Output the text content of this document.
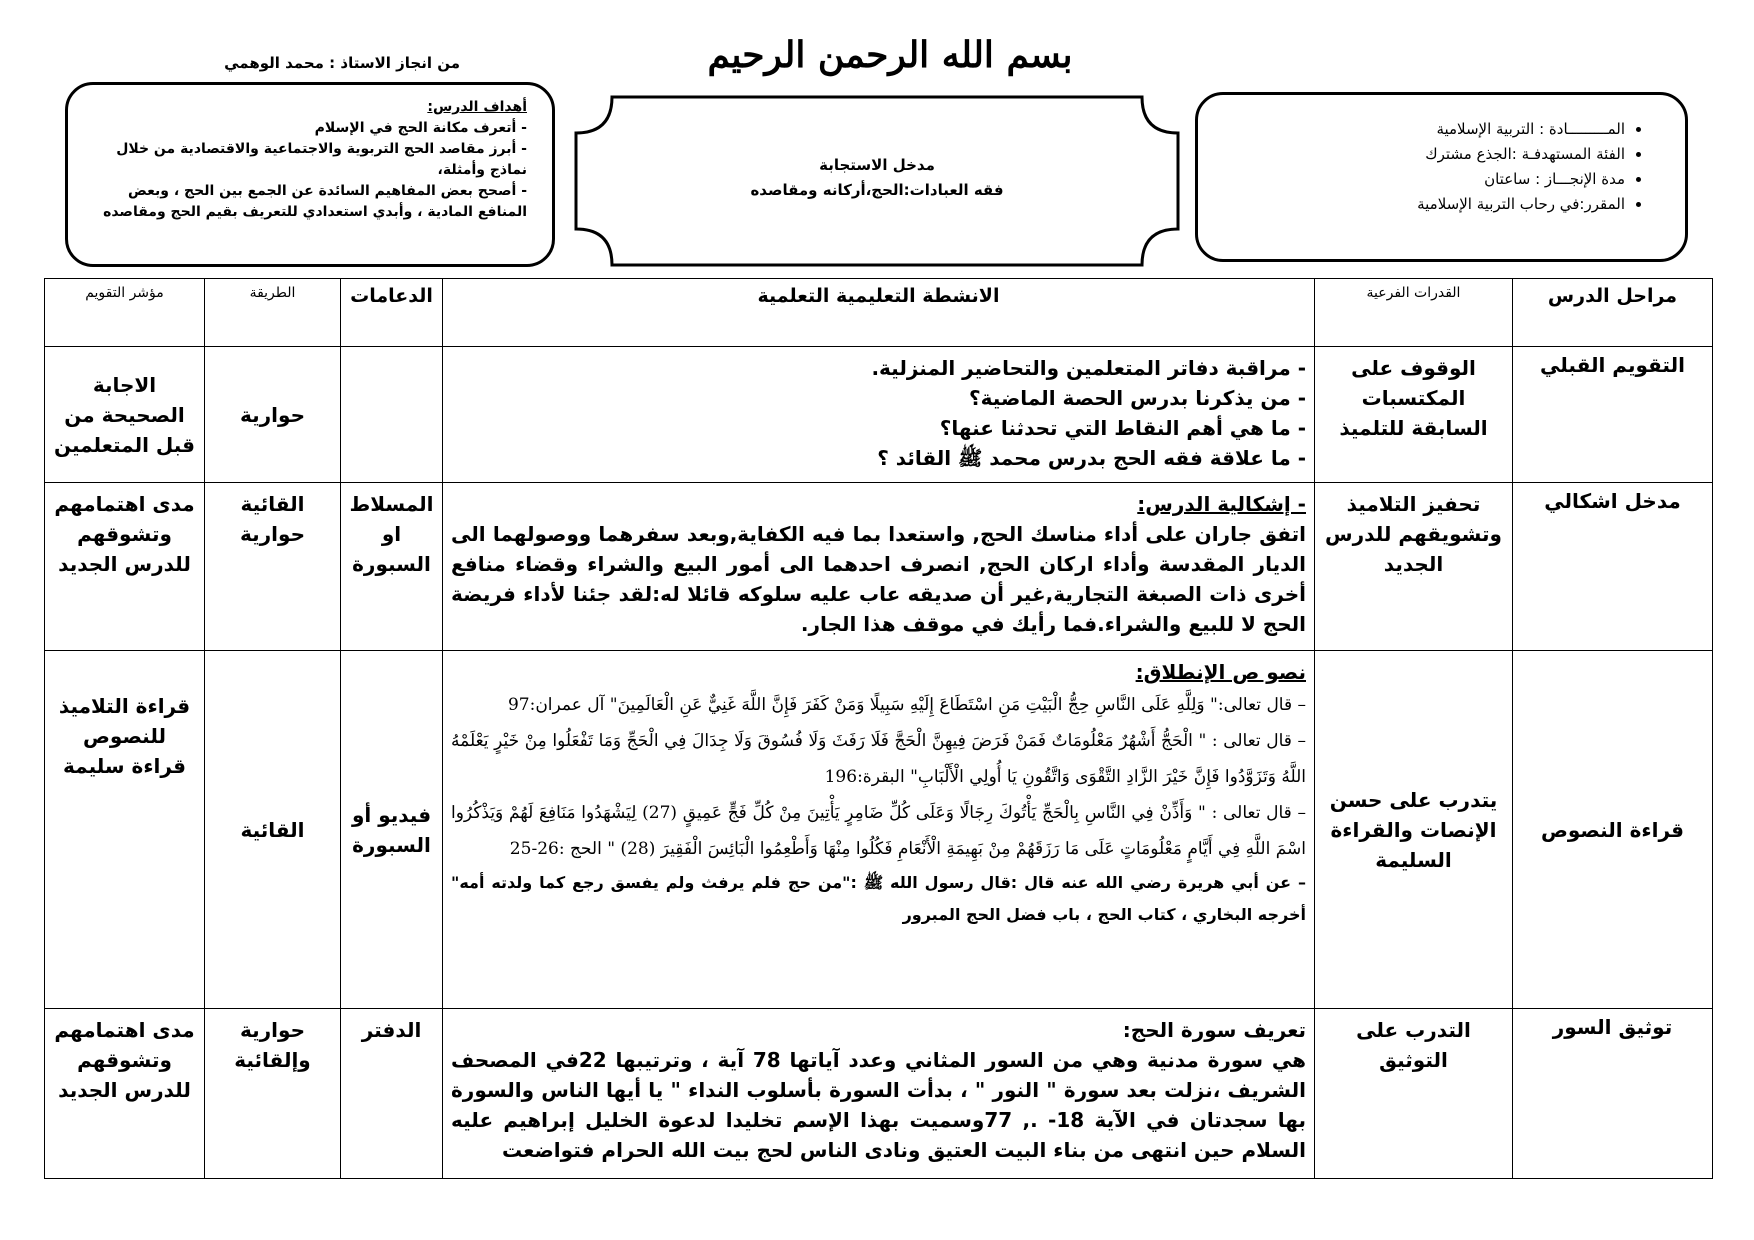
بسم الله الرحمن الرحيم
من انجاز الاستاذ : محمد الوهمي
• المـــــــــادة : التربية الإسلامية
• الفئة المستهدفـة :الجذع مشترك
• مدة الإنجـــاز : ساعتان
• المقرر:في رحاب التربية الإسلامية
مدخل الاستجابة
فقه العبادات:الحج،أركانه ومقاصده
أهداف الدرس:
- أتعرف مكانة الحج في الإسلام
- أبرز مقاصد الحج التربوية والاجتماعية والاقتصادية من خلال نماذج وأمثلة،
- أصحح بعض المفاهيم السائدة عن الجمع بين الحج ، وبعض المنافع المادية ، وأبدي استعدادي للتعريف بقيم الحج ومقاصده
مراحل الدرس	القدرات الفرعية	الانشطة التعليمية التعلمية	الدعامات	الطريقة	مؤشر التقويم
التقويم القبلي	الوقوف على المكتسبات السابقة للتلميذ	- مراقبة دفاتر المتعلمين والتحاضير المنزلية.
- من يذكرنا بدرس الحصة الماضية؟
- ما هي أهم النقاط التي تحدثنا عنها؟
- ما علاقة فقه الحج بدرس محمد ﷺ القائد ؟		حوارية	الاجابة الصحيحة من قبل المتعلمين
مدخل اشكالي	تحفيز التلاميذ وتشويقهم للدرس الجديد	- إشكالية الدرس:
اتفق جاران على أداء مناسك الحج, واستعدا بما فيه الكفاية,وبعد سفرهما ووصولهما الى الديار المقدسة وأداء اركان الحج, انصرف احدهما الى أمور البيع والشراء وقضاء منافع أخرى ذات الصبغة التجارية,غير أن صديقه عاب عليه سلوكه قائلا له:لقد جئنا لأداء فريضة الحج لا للبيع والشراء.فما رأيك في موقف هذا الجار.	المسلاط او السبورة	القائية حوارية	مدى اهتمامهم وتشوقهم للدرس الجديد
قراءة النصوص	يتدرب على حسن الإنصات والقراءة السليمة	نصو ص الإنطلاق:
– قال تعالى:" وَلِلَّهِ عَلَى النَّاسِ حِجُّ الْبَيْتِ مَنِ اسْتَطَاعَ إِلَيْهِ سَبِيلًا وَمَنْ كَفَرَ فَإِنَّ اللَّهَ غَنِيٌّ عَنِ الْعَالَمِينَ" آل عمران:97
– قال تعالى : " الْحَجُّ أَشْهُرٌ مَعْلُومَاتٌ فَمَنْ فَرَضَ فِيهِنَّ الْحَجَّ فَلَا رَفَثَ وَلَا فُسُوقَ وَلَا جِدَالَ فِي الْحَجِّ وَمَا تَفْعَلُوا مِنْ خَيْرٍ يَعْلَمْهُ اللَّهُ وَتَزَوَّدُوا فَإِنَّ خَيْرَ الزَّادِ التَّقْوَى وَاتَّقُونِ يَا أُولِي الْأَلْبَابِ" البقرة:196
– قال تعالى : " وَأَذِّنْ فِي النَّاسِ بِالْحَجِّ يَأْتُوكَ رِجَالًا وَعَلَى كُلِّ ضَامِرٍ يَأْتِينَ مِنْ كُلِّ فَجٍّ عَمِيقٍ (27) لِيَشْهَدُوا مَنَافِعَ لَهُمْ وَيَذْكُرُوا اسْمَ اللَّهِ فِي أَيَّامٍ مَعْلُومَاتٍ عَلَى مَا رَزَقَهُمْ مِنْ بَهِيمَةِ الْأَنْعَامِ فَكُلُوا مِنْهَا وَأَطْعِمُوا الْبَائِسَ الْفَقِيرَ (28) " الحج :26-25
– عن أبي هريرة رضي الله عنه قال :قال رسول الله ﷺ :"من حج فلم يرفث ولم يفسق رجع كما ولدته أمه" أخرجه البخاري ، كتاب الحج ، باب فضل الحج المبرور	فيديو أو السبورة	القائية	قراءة التلاميذ للنصوص قراءة سليمة
توثيق السور	التدرب على التوثيق	تعريف سورة الحج:
هي سورة مدنية وهي من السور المثاني وعدد آياتها 78 آية ، وترتيبها 22في المصحف الشريف ،نزلت بعد سورة " النور " ، بدأت السورة بأسلوب النداء " يا أيها الناس والسورة بها سجدتان في الآية 18- ., 77وسميت بهذا الإسم تخليدا لدعوة الخليل إبراهيم عليه السلام حين انتهى من بناء البيت العتيق ونادى الناس لحج بيت الله الحرام فتواضعت	الدفتر	حوارية وإلقائية	مدى اهتمامهم وتشوقهم للدرس الجديد
